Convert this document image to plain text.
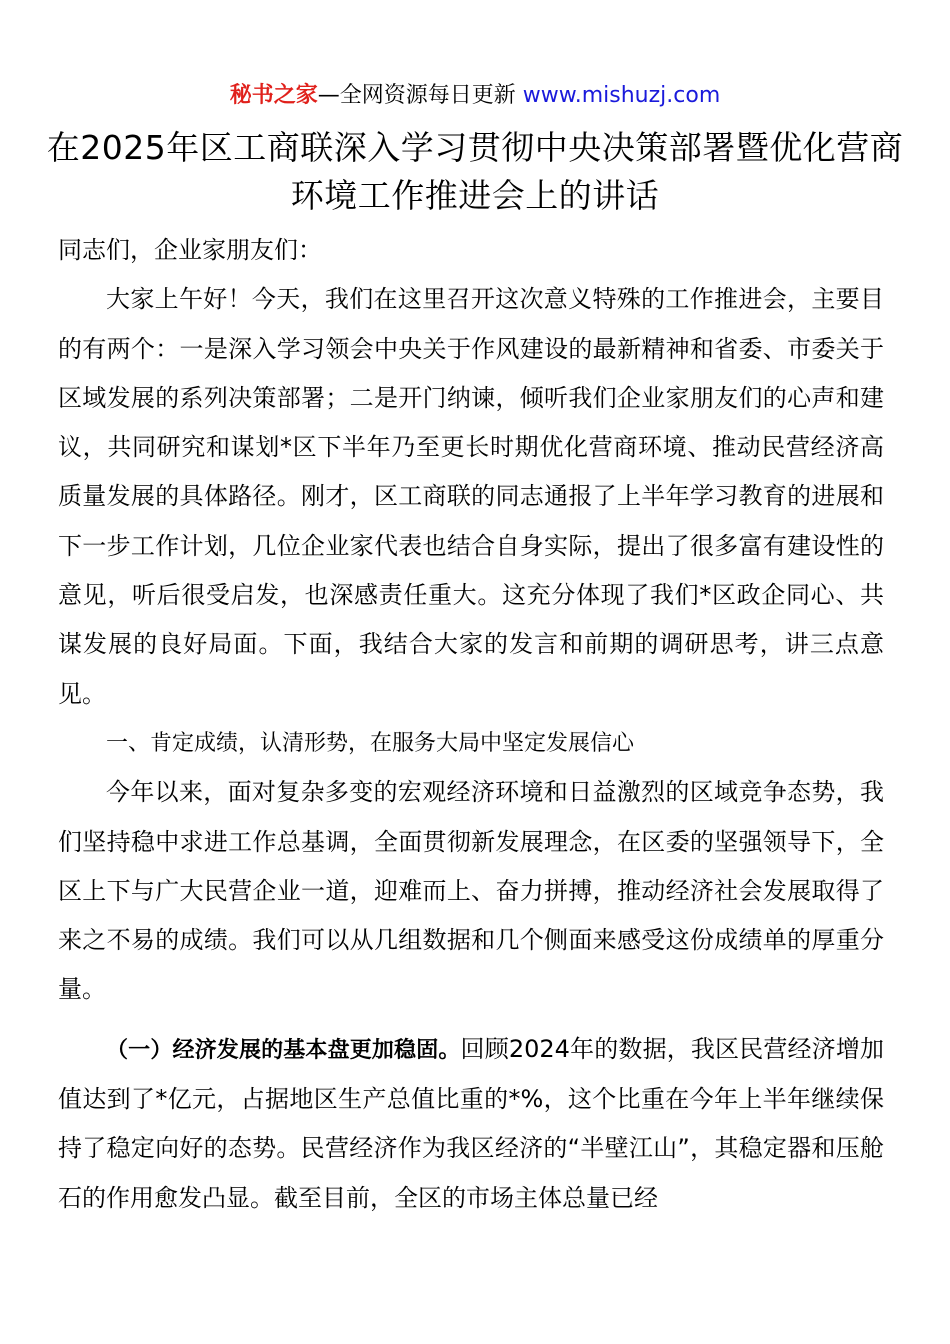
秘书之家—全网资源每日更新 www.mishuzj.com
在2025年区工商联深入学习贯彻中央决策部署暨优化营商环境工作推进会上的讲话

同志们，企业家朋友们：

大家上午好！今天，我们在这里召开这次意义特殊的工作推进会，主要目的有两个：一是深入学习领会中央关于作风建设的最新精神和省委、市委关于区域发展的系列决策部署；二是开门纳谏，倾听我们企业家朋友们的心声和建议，共同研究和谋划*区下半年乃至更长时期优化营商环境、推动民营经济高质量发展的具体路径。刚才，区工商联的同志通报了上半年学习教育的进展和下一步工作计划，几位企业家代表也结合自身实际，提出了很多富有建设性的意见，听后很受启发，也深感责任重大。这充分体现了我们*区政企同心、共谋发展的良好局面。下面，我结合大家的发言和前期的调研思考，讲三点意见。

一、肯定成绩，认清形势，在服务大局中坚定发展信心

今年以来，面对复杂多变的宏观经济环境和日益激烈的区域竞争态势，我们坚持稳中求进工作总基调，全面贯彻新发展理念，在区委的坚强领导下，全区上下与广大民营企业一道，迎难而上、奋力拼搏，推动经济社会发展取得了来之不易的成绩。我们可以从几组数据和几个侧面来感受这份成绩单的厚重分量。

（一）经济发展的基本盘更加稳固。回顾2024年的数据，我区民营经济增加值达到了*亿元，占据地区生产总值比重的*%，这个比重在今年上半年继续保持了稳定向好的态势。民营经济作为我区经济的“半壁江山”，其稳定器和压舱石的作用愈发凸显。截至目前，全区的市场主体总量已经
